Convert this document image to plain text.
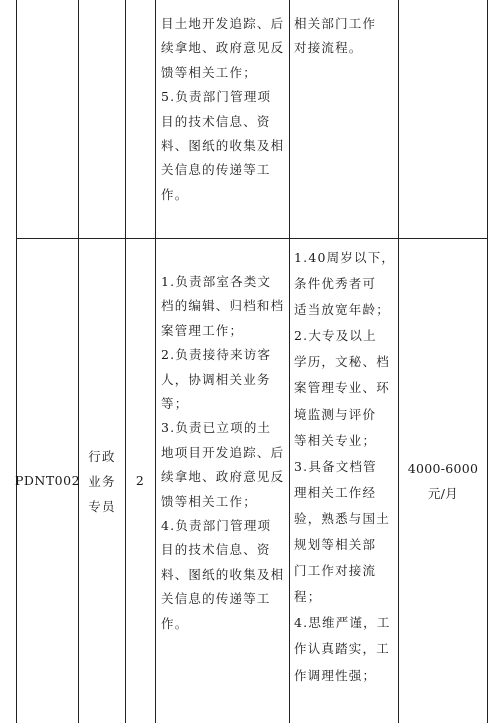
目土地开发追踪、后
续拿地、政府意见反
馈等相关工作；
5.负责部门管理项
目的技术信息、资
料、图纸的收集及相
关信息的传递等工
作。
相关部门工作
对接流程。
PDNT002
行政
业务
专员
2
1.负责部室各类文
档的编辑、归档和档
案管理工作；
2.负责接待来访客
人，协调相关业务
等；
3.负责已立项的土
地项目开发追踪、后
续拿地、政府意见反
馈等相关工作；
4.负责部门管理项
目的技术信息、资
料、图纸的收集及相
关信息的传递等工
作。
1.40周岁以下，
条件优秀者可
适当放宽年龄；
2.大专及以上
学历，文秘、档
案管理专业、环
境监测与评价
等相关专业；
3.具备文档管
理相关工作经
验，熟悉与国土
规划等相关部
门工作对接流
程；
4.思维严谨，工
作认真踏实，工
作调理性强；
4000-6000
元/月
